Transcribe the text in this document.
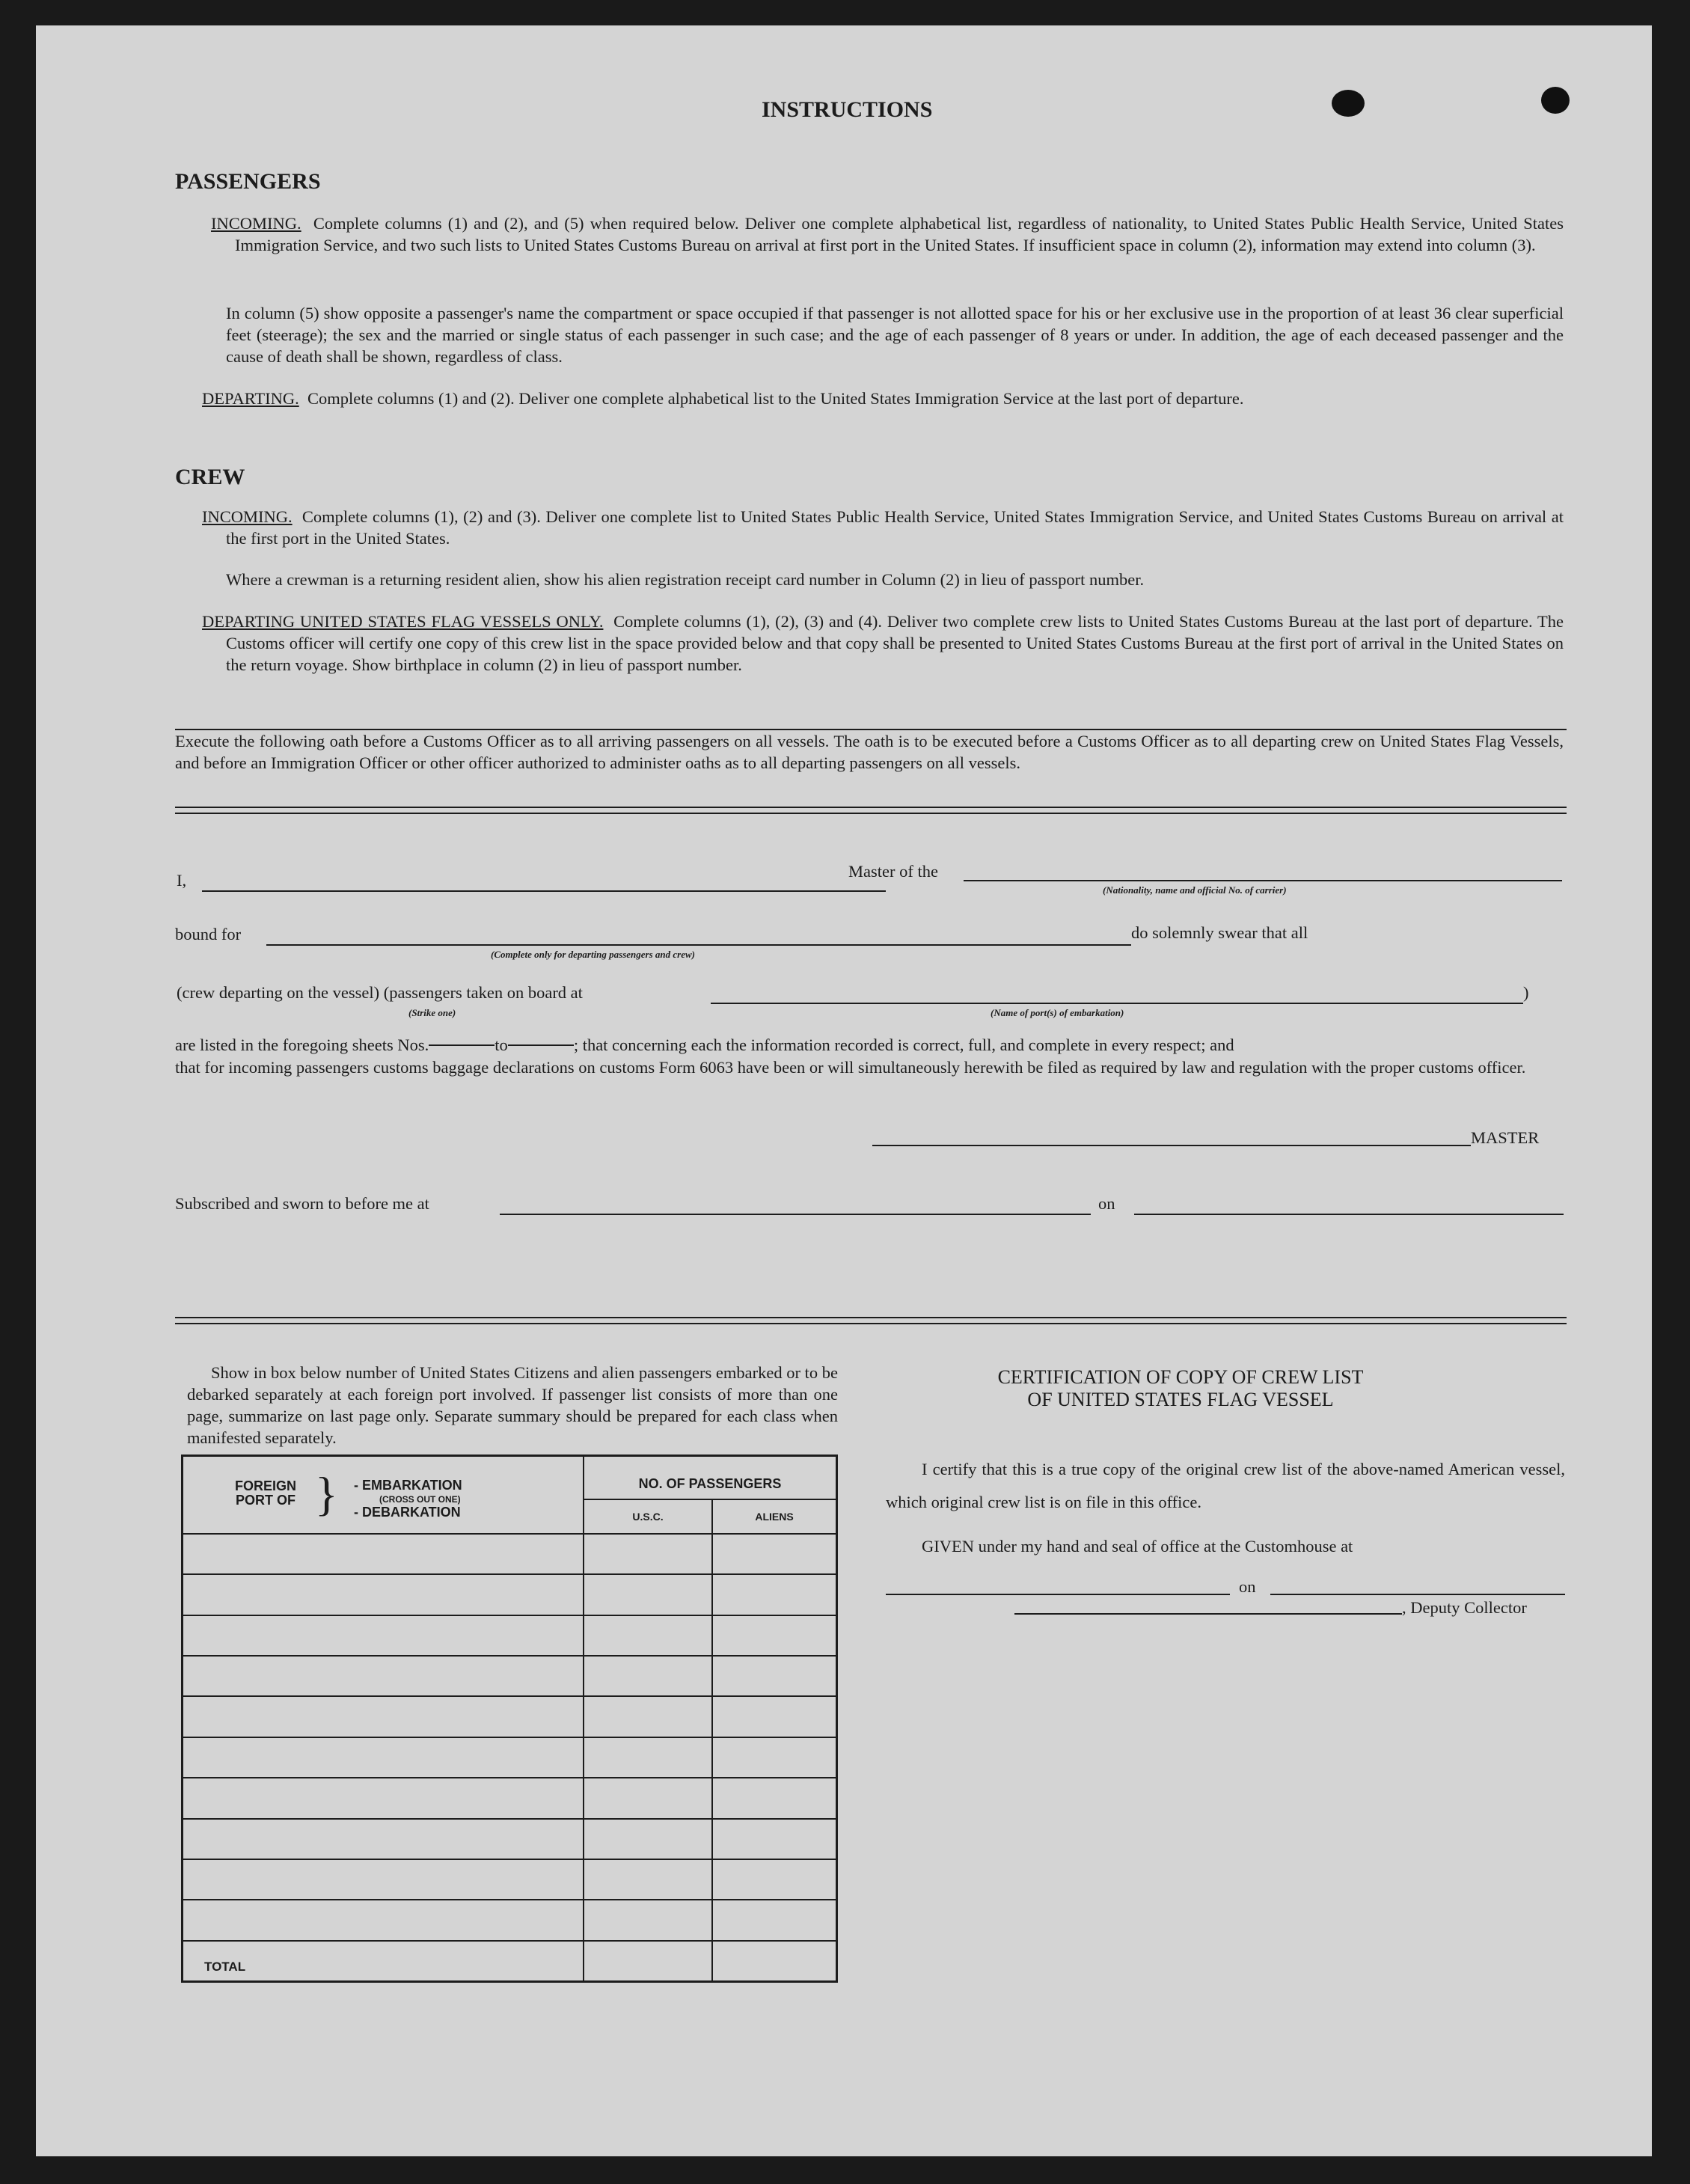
INSTRUCTIONS
PASSENGERS
INCOMING. Complete columns (1) and (2), and (5) when required below. Deliver one complete alphabetical list, regardless of nationality, to United States Public Health Service, United States Immigration Service, and two such lists to United States Customs Bureau on arrival at first port in the United States. If insufficient space in column (2), information may extend into column (3).
In column (5) show opposite a passenger's name the compartment or space occupied if that passenger is not allotted space for his or her exclusive use in the proportion of at least 36 clear superficial feet (steerage); the sex and the married or single status of each passenger in such case; and the age of each passenger of 8 years or under. In addition, the age of each deceased passenger and the cause of death shall be shown, regardless of class.
DEPARTING. Complete columns (1) and (2). Deliver one complete alphabetical list to the United States Immigration Service at the last port of departure.
CREW
INCOMING. Complete columns (1), (2) and (3). Deliver one complete list to United States Public Health Service, United States Immigration Service, and United States Customs Bureau on arrival at the first port in the United States.
Where a crewman is a returning resident alien, show his alien registration receipt card number in Column (2) in lieu of passport number.
DEPARTING UNITED STATES FLAG VESSELS ONLY. Complete columns (1), (2), (3) and (4). Deliver two complete crew lists to United States Customs Bureau at the last port of departure. The Customs officer will certify one copy of this crew list in the space provided below and that copy shall be presented to United States Customs Bureau at the first port of arrival in the United States on the return voyage. Show birthplace in column (2) in lieu of passport number.
Execute the following oath before a Customs Officer as to all arriving passengers on all vessels. The oath is to be executed before a Customs Officer as to all departing crew on United States Flag Vessels, and before an Immigration Officer or other officer authorized to administer oaths as to all departing passengers on all vessels.
I,	Master of the
(Nationality, name and official No. of carrier)
bound for
(Complete only for departing passengers and crew)
do solemnly swear that all
(crew departing on the vessel) (passengers taken on board at	)
(Strike one)	(Name of port(s) of embarkation)
are listed in the foregoing sheets Nos.	to	; that concerning each the information recorded is correct, full, and complete in every respect; and
that for incoming passengers customs baggage declarations on customs Form 6063 have been or will simultaneously herewith be filed as required by law and regulation with the proper customs officer.
MASTER
Subscribed and sworn to before me at	on
Show in box below number of United States Citizens and alien passengers embarked or to be debarked separately at each foreign port involved. If passenger list consists of more than one page, summarize on last page only. Separate summary should be prepared for each class when manifested separately.
FOREIGN PORT OF } - EMBARKATION
(CROSS OUT ONE)
- DEBARKATION
NO. OF PASSENGERS
U.S.C.	ALIENS
TOTAL
CERTIFICATION OF COPY OF CREW LIST
OF UNITED STATES FLAG VESSEL
I certify that this is a true copy of the original crew list of the above-named American vessel, which original crew list is on file in this office.
GIVEN under my hand and seal of office at the Customhouse at
on
, Deputy Collector
